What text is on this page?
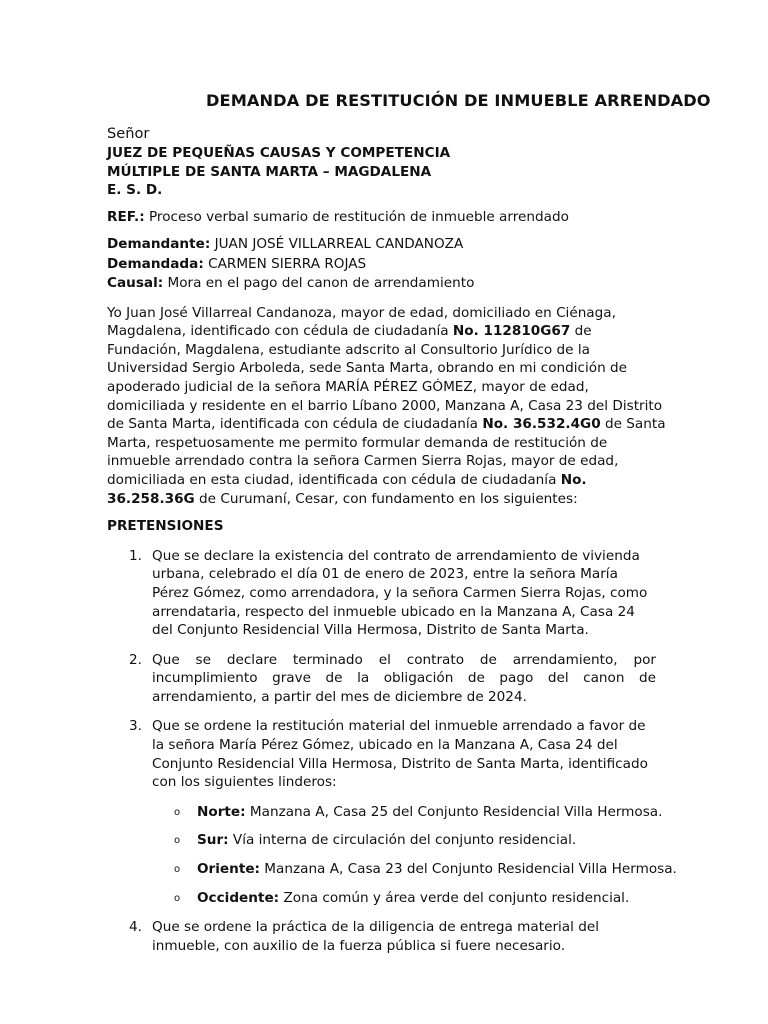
DEMANDA DE RESTITUCIÓN DE INMUEBLE ARRENDADO
Señor
JUEZ DE PEQUEÑAS CAUSAS Y COMPETENCIA
MÚLTIPLE DE SANTA MARTA – MAGDALENA
E. S. D.
REF.: Proceso verbal sumario de restitución de inmueble arrendado
Demandante: JUAN JOSÉ VILLARREAL CANDANOZA
Demandada: CARMEN SIERRA ROJAS
Causal: Mora en el pago del canon de arrendamiento

Yo Juan José Villarreal Candanoza, mayor de edad, domiciliado en Ciénaga, Magdalena, identificado con cédula de ciudadanía No. 112810G67 de Fundación, Magdalena, estudiante adscrito al Consultorio Jurídico de la Universidad Sergio Arboleda, sede Santa Marta, obrando en mi condición de apoderado judicial de la señora MARÍA PÉREZ GÓMEZ, mayor de edad, domiciliada y residente en el barrio Líbano 2000, Manzana A, Casa 23 del Distrito de Santa Marta, identificada con cédula de ciudadanía No. 36.532.4G0 de Santa Marta, respetuosamente me permito formular demanda de restitución de inmueble arrendado contra la señora Carmen Sierra Rojas, mayor de edad, domiciliada en esta ciudad, identificada con cédula de ciudadanía No. 36.258.36G de Curumaní, Cesar, con fundamento en los siguientes:

PRETENSIONES
1. Que se declare la existencia del contrato de arrendamiento de vivienda urbana, celebrado el día 01 de enero de 2023, entre la señora María Pérez Gómez, como arrendadora, y la señora Carmen Sierra Rojas, como arrendataria, respecto del inmueble ubicado en la Manzana A, Casa 24 del Conjunto Residencial Villa Hermosa, Distrito de Santa Marta.
2. Que se declare terminado el contrato de arrendamiento, por incumplimiento grave de la obligación de pago del canon de arrendamiento, a partir del mes de diciembre de 2024.
3. Que se ordene la restitución material del inmueble arrendado a favor de la señora María Pérez Gómez, ubicado en la Manzana A, Casa 24 del Conjunto Residencial Villa Hermosa, Distrito de Santa Marta, identificado con los siguientes linderos:
o Norte: Manzana A, Casa 25 del Conjunto Residencial Villa Hermosa.
o Sur: Vía interna de circulación del conjunto residencial.
o Oriente: Manzana A, Casa 23 del Conjunto Residencial Villa Hermosa.
o Occidente: Zona común y área verde del conjunto residencial.
4. Que se ordene la práctica de la diligencia de entrega material del inmueble, con auxilio de la fuerza pública si fuere necesario.
